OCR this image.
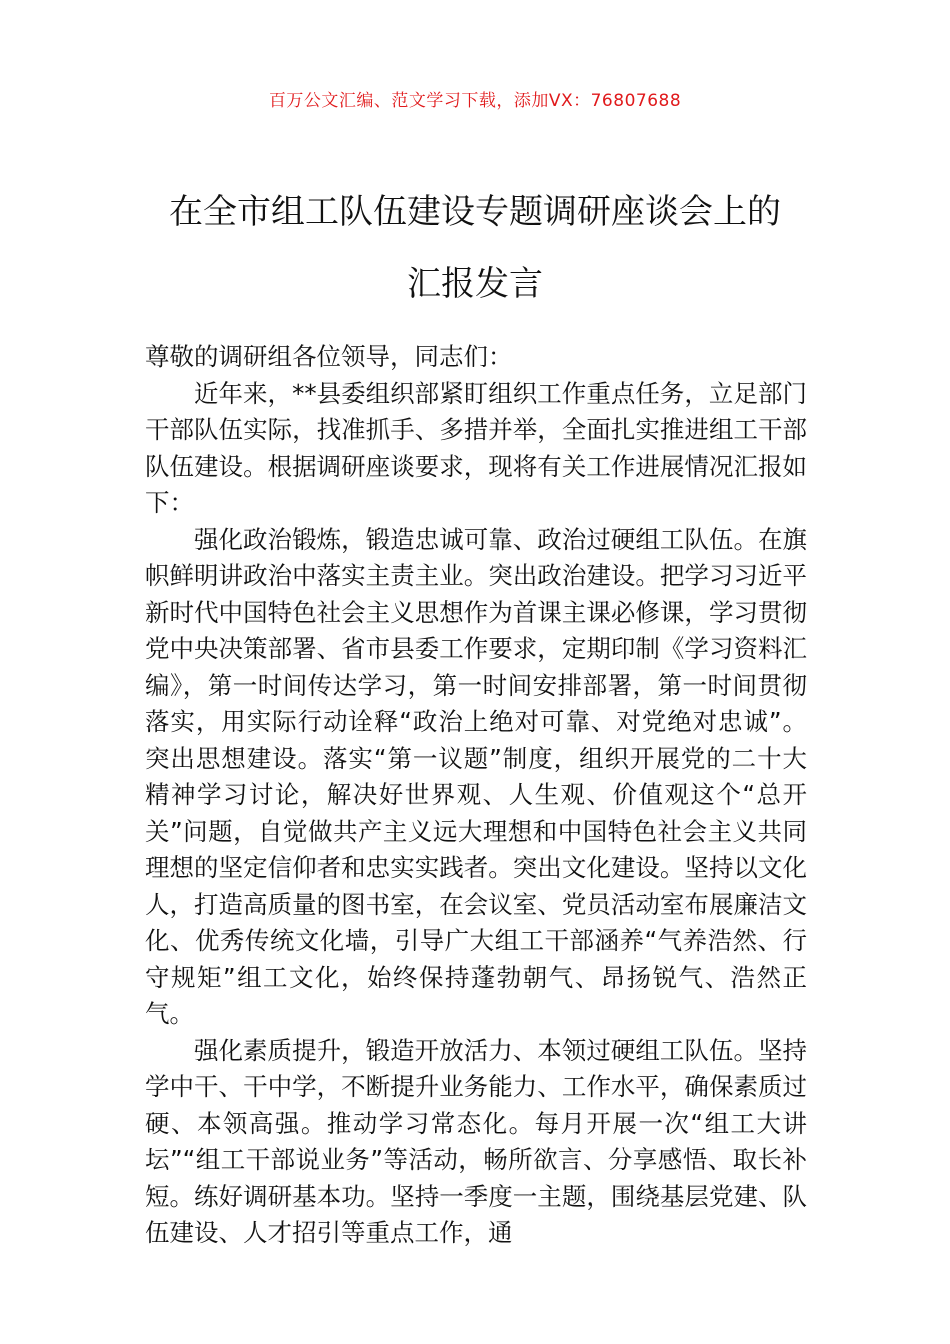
百万公文汇编、范文学习下载，添加VX：76807688
在全市组工队伍建设专题调研座谈会上的
汇报发言

尊敬的调研组各位领导，同志们：

近年来，**县委组织部紧盯组织工作重点任务，立足部门干部队伍实际，找准抓手、多措并举，全面扎实推进组工干部队伍建设。根据调研座谈要求，现将有关工作进展情况汇报如下：

强化政治锻炼，锻造忠诚可靠、政治过硬组工队伍。在旗帜鲜明讲政治中落实主责主业。突出政治建设。把学习习近平新时代中国特色社会主义思想作为首课主课必修课，学习贯彻党中央决策部署、省市县委工作要求，定期印制《学习资料汇编》，第一时间传达学习，第一时间安排部署，第一时间贯彻落实，用实际行动诠释“政治上绝对可靠、对党绝对忠诚”。突出思想建设。落实“第一议题”制度，组织开展党的二十大精神学习讨论，解决好世界观、人生观、价值观这个“总开关”问题，自觉做共产主义远大理想和中国特色社会主义共同理想的坚定信仰者和忠实实践者。突出文化建设。坚持以文化人，打造高质量的图书室，在会议室、党员活动室布展廉洁文化、优秀传统文化墙，引导广大组工干部涵养“气养浩然、行守规矩”组工文化，始终保持蓬勃朝气、昂扬锐气、浩然正气。

强化素质提升，锻造开放活力、本领过硬组工队伍。坚持学中干、干中学，不断提升业务能力、工作水平，确保素质过硬、本领高强。推动学习常态化。每月开展一次“组工大讲坛”“组工干部说业务”等活动，畅所欲言、分享感悟、取长补短。练好调研基本功。坚持一季度一主题，围绕基层党建、队伍建设、人才招引等重点工作，通
